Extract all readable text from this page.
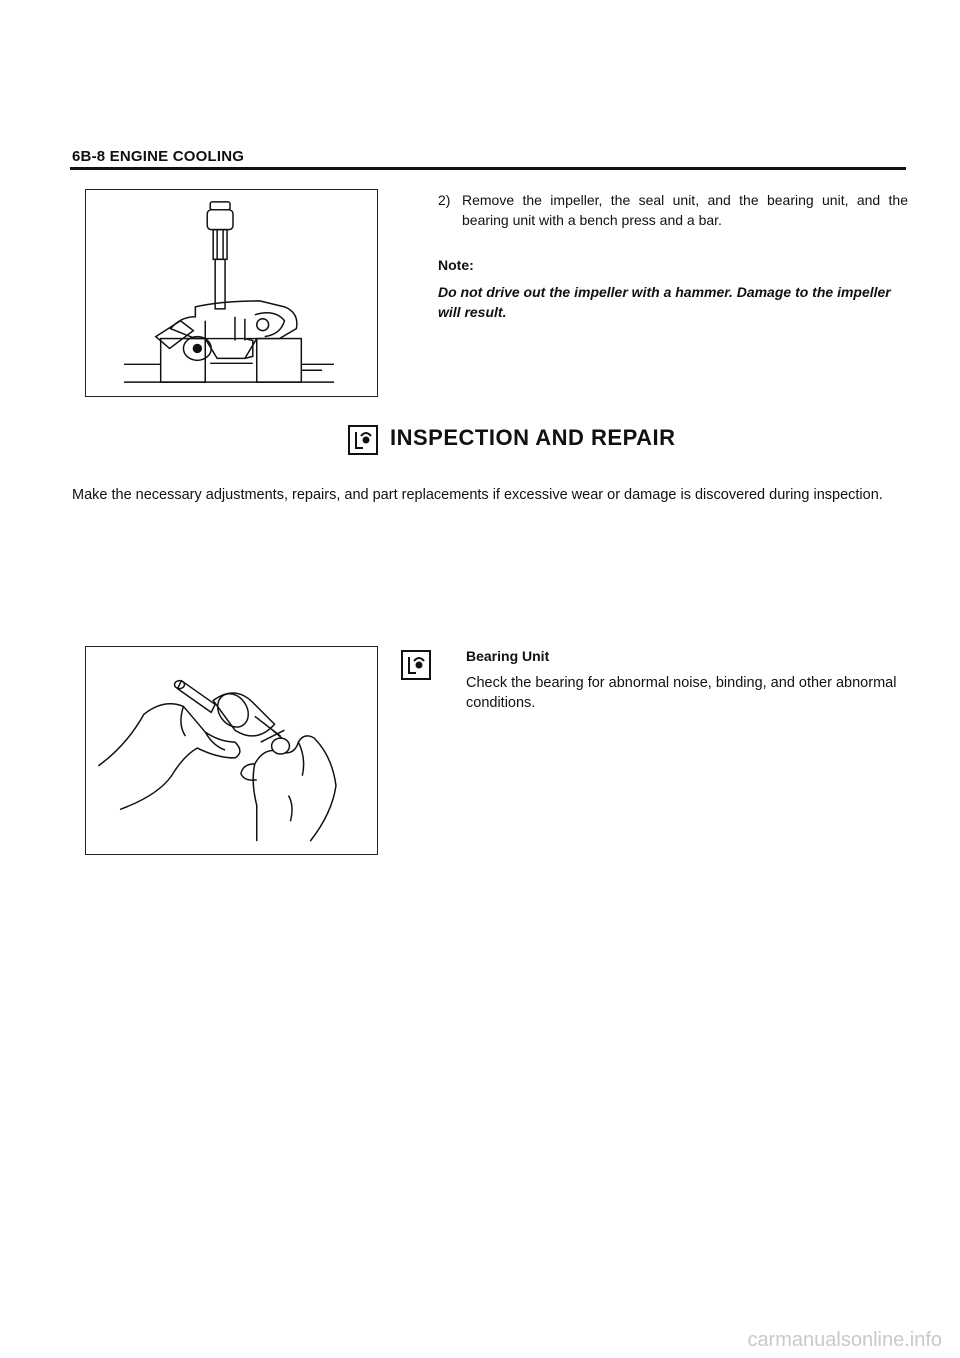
6B-8 ENGINE COOLING
2) Remove the impeller, the seal unit, and the bearing unit, and the bearing unit with a bench press and a bar.
Note:
Do not drive out the impeller with a hammer. Damage to the impeller will result.
INSPECTION AND REPAIR
Make the necessary adjustments, repairs, and part replacements if excessive wear or damage is discovered during inspection.
Bearing Unit
Check the bearing for abnormal noise, binding, and other abnormal conditions.
carmanualsonline.info
